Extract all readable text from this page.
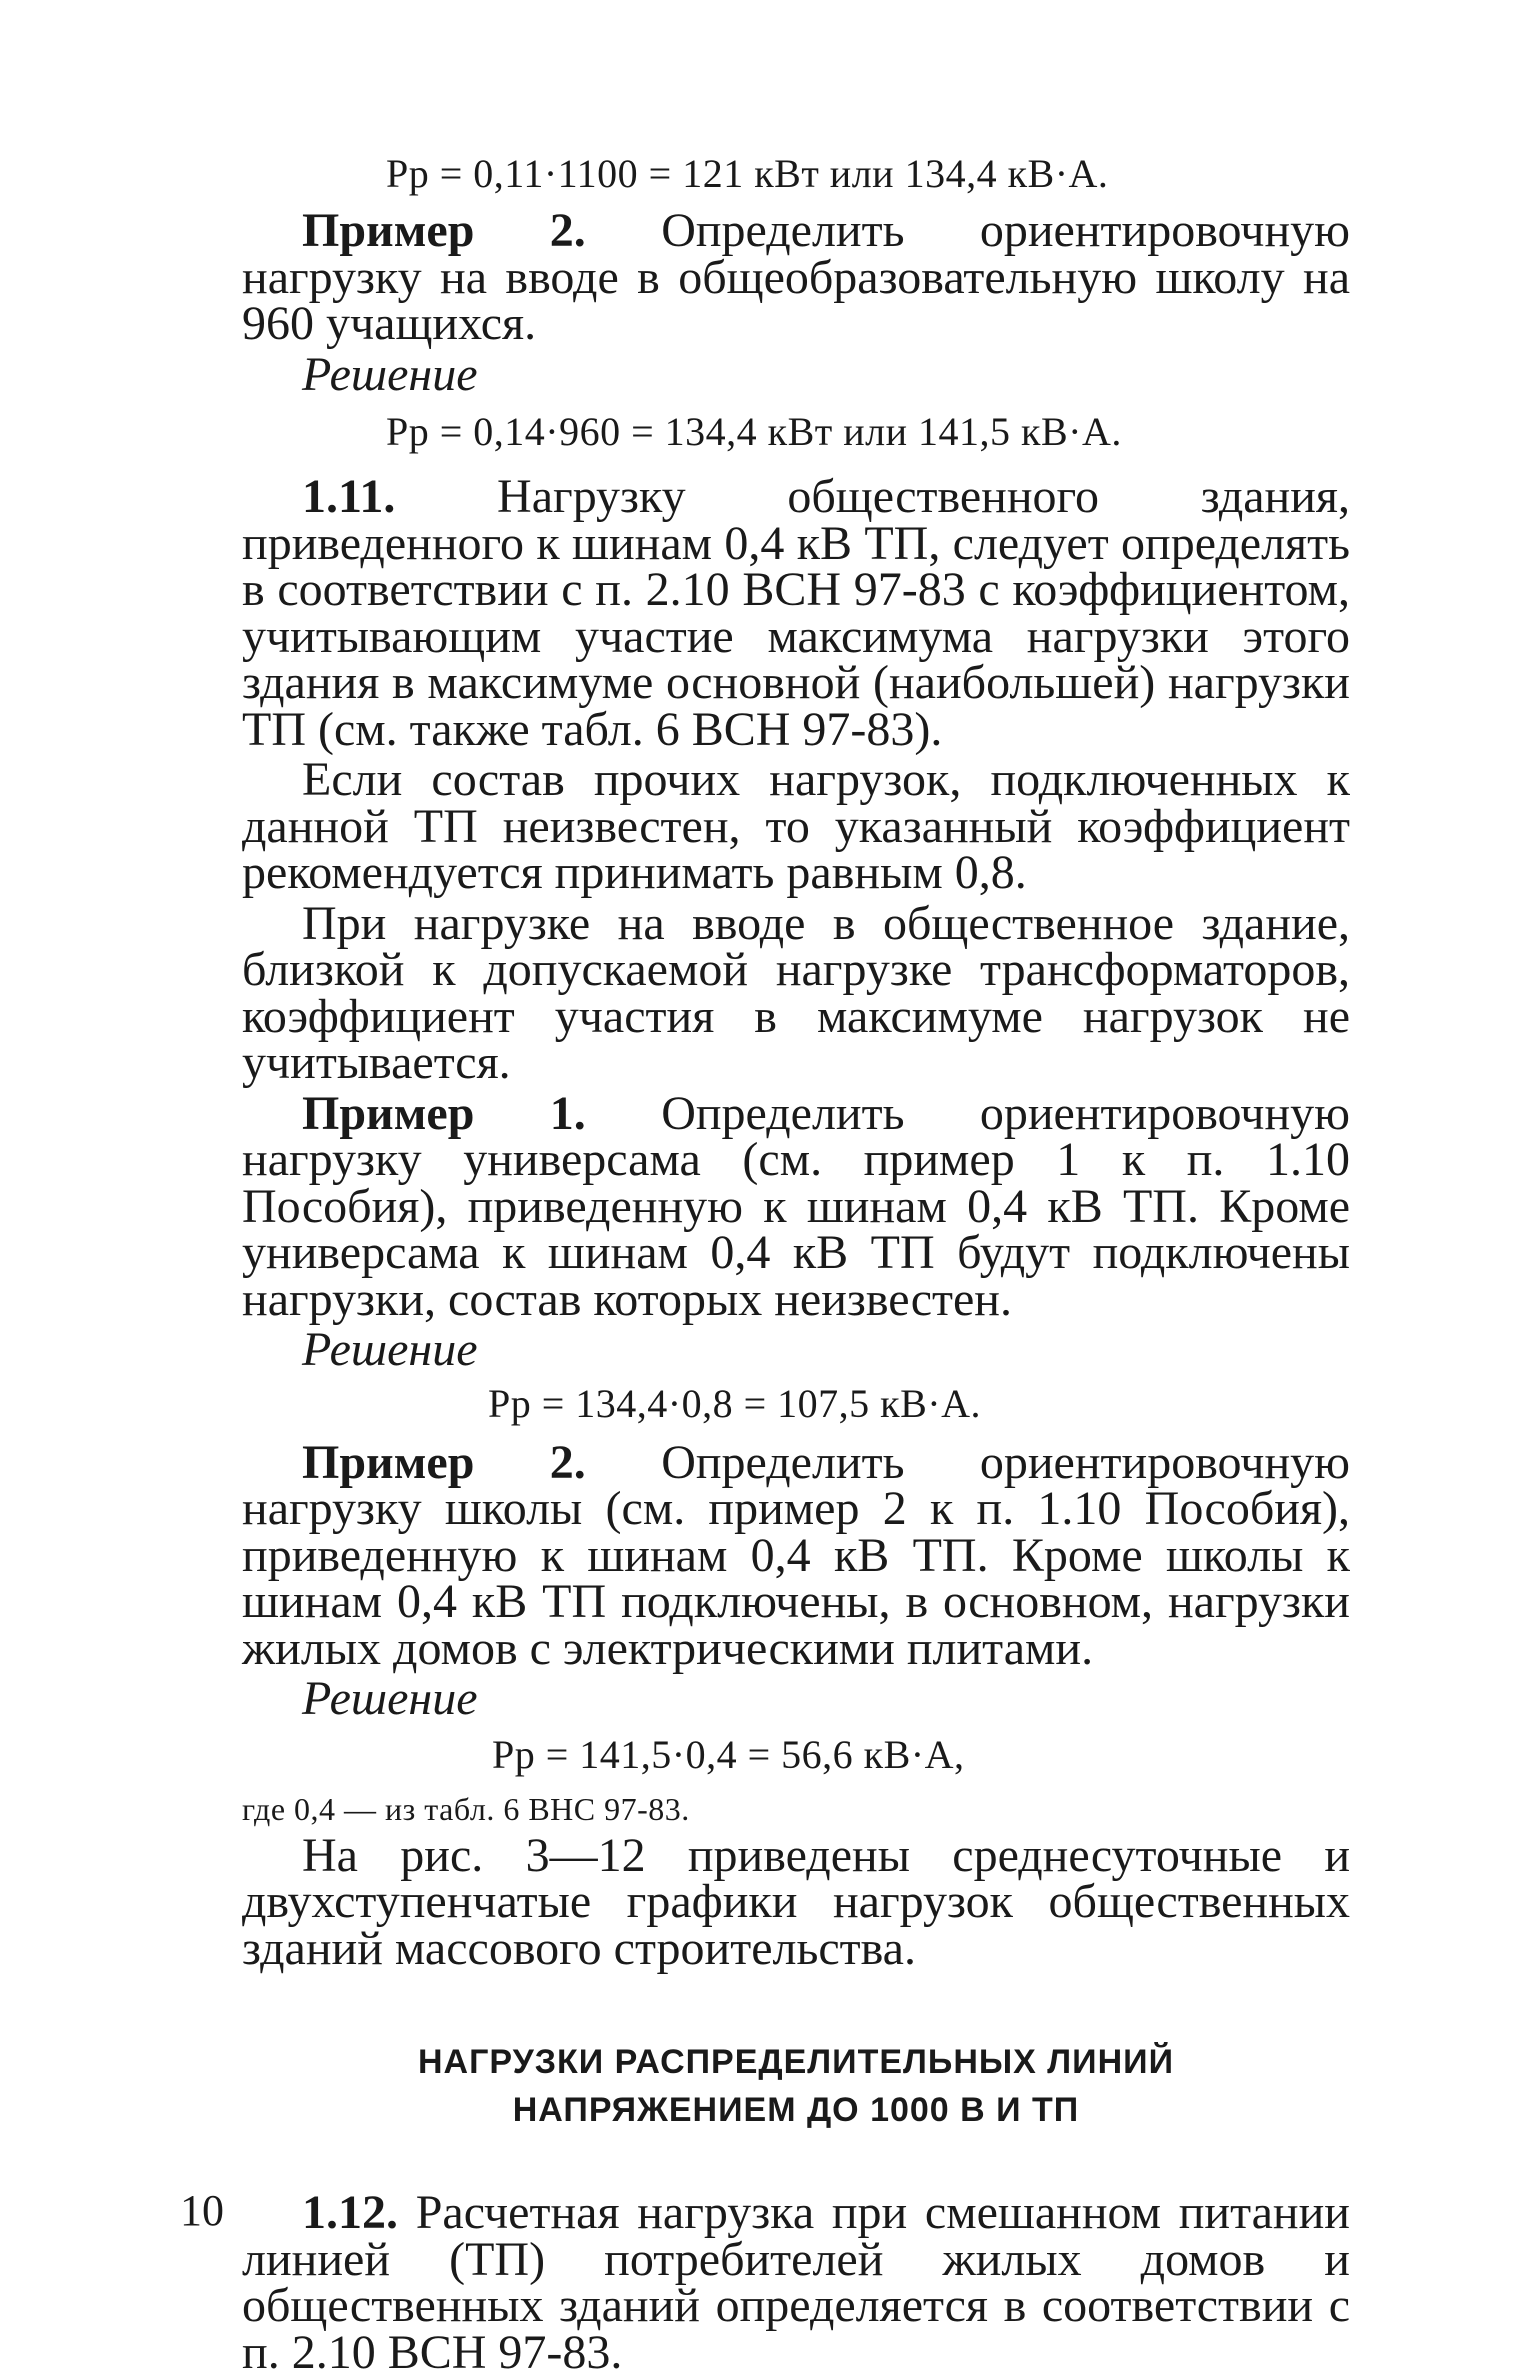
Pр = 0,11·1100 = 121 кВт или 134,4 кВ·А.

Пример 2. Определить ориентировочную нагрузку на вводе в общеобразовательную школу на 960 учащихся.

Решение

Pр = 0,14·960 = 134,4 кВт или 141,5 кВ·А.

1.11. Нагрузку общественного здания, приведенного к шинам 0,4 кВ ТП, следует определять в соответствии с п. 2.10 ВСН 97-83 с коэффициентом, учитывающим участие максимума нагрузки этого здания в максимуме основной (наибольшей) нагрузки ТП (см. также табл. 6 ВСН 97-83).

Если состав прочих нагрузок, подключенных к данной ТП неизвестен, то указанный коэффициент рекомендуется принимать равным 0,8.

При нагрузке на вводе в общественное здание, близкой к допускаемой нагрузке трансформаторов, коэффициент участия в максимуме нагрузок не учитывается.

Пример 1. Определить ориентировочную нагрузку универсама (см. пример 1 к п. 1.10 Пособия), приведенную к шинам 0,4 кВ ТП. Кроме универсама к шинам 0,4 кВ ТП будут подключены нагрузки, состав которых неизвестен.

Решение

Pр = 134,4·0,8 = 107,5 кВ·А.

Пример 2. Определить ориентировочную нагрузку школы (см. пример 2 к п. 1.10 Пособия), приведенную к шинам 0,4 кВ ТП. Кроме школы к шинам 0,4 кВ ТП подключены, в основном, нагрузки жилых домов с электрическими плитами.

Решение

Pр = 141,5·0,4 = 56,6 кВ·А,
где 0,4 — из табл. 6 ВНС 97-83.

На рис. 3—12 приведены среднесуточные и двухступенчатые графики нагрузок общественных зданий массового строительства.

НАГРУЗКИ РАСПРЕДЕЛИТЕЛЬНЫХ ЛИНИЙ
НАПРЯЖЕНИЕМ ДО 1000 В И ТП

1.12. Расчетная нагрузка при смешанном питании линией (ТП) потребителей жилых домов и общественных зданий определяется в соответствии с п. 2.10 ВСН 97-83.

10
